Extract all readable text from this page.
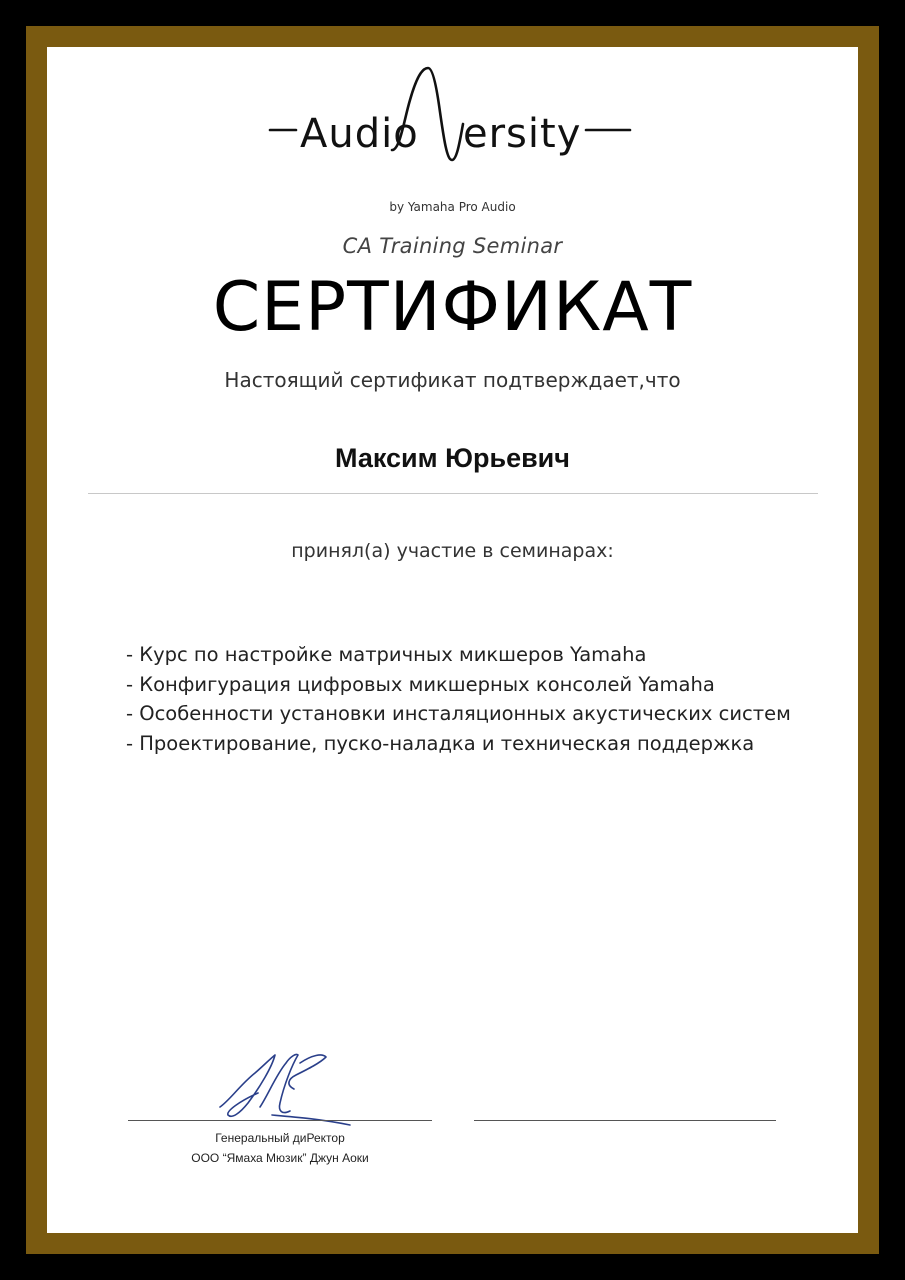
Audio ersity
by Yamaha Pro Audio
CA Training Seminar
СЕРТИФИКАТ
Настоящий сертификат подтверждает,что
Максим Юрьевич
принял(а) участие в семинарах:
- Курс по настройке матричных микшеров Yamaha
- Конфигурация цифровых микшерных консолей Yamaha
- Особенности установки инсталяционных акустических систем
- Проектирование, пуско-наладка и техническая поддержка
Генеральный диРектор
ООО “Ямаха Мюзик” Джун Аоки
